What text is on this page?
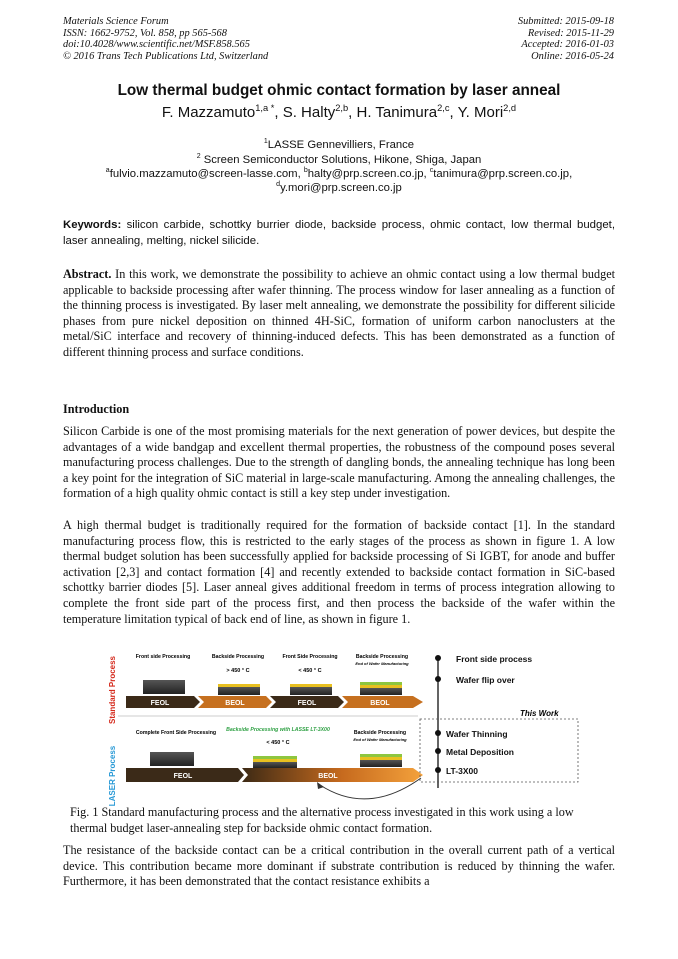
Materials Science Forum
ISSN: 1662-9752, Vol. 858, pp 565-568
doi:10.4028/www.scientific.net/MSF.858.565
© 2016 Trans Tech Publications Ltd, Switzerland
Submitted: 2015-09-18
Revised: 2015-11-29
Accepted: 2016-01-03
Online: 2016-05-24
Low thermal budget ohmic contact formation by laser anneal
F. Mazzamuto$^{1,a *}$, S. Halty$^{2,b}$, H. Tanimura$^{2,c}$, Y. Mori$^{2,d}$
$^1$LASSE Gennevilliers, France
$^2$ Screen Semiconductor Solutions, Hikone, Shiga, Japan
$^a$fulvio.mazzamuto@screen-lasse.com, $^b$halty@prp.screen.co.jp, $^c$tanimura@prp.screen.co.jp,
$^d$y.mori@prp.screen.co.jp
Keywords: silicon carbide, schottky burrier diode, backside process, ohmic contact, low thermal budget, laser annealing, melting, nickel silicide.

Abstract. In this work, we demonstrate the possibility to achieve an ohmic contact using a low thermal budget applicable to backside processing after wafer thinning. The process window for laser annealing as a function of the thinning process is investigated. By laser melt annealing, we demonstrate the possibility for different silicide phases from pure nickel deposition on thinned 4H-SiC, formation of uniform carbon nanoclusters at the metal/SiC interface and recovery of thinning-induced defects. This has been demonstrated as a function of different thinning process and surface conditions.

Introduction

Silicon Carbide is one of the most promising materials for the next generation of power devices, but despite the advantages of a wide bandgap and excellent thermal properties, the robustness of the compound poses several manufacturing process challenges. Due to the strength of dangling bonds, the annealing technique has long been a key point for the integration of SiC material in large-scale manufacturing. Among the annealing challenges, the formation of a high quality ohmic contact is still a key step under investigation.

A high thermal budget is traditionally required for the formation of backside contact [1]. In the standard manufacturing process flow, this is restricted to the early stages of the process as shown in figure 1. A low thermal budget solution has been successfully applied for backside processing of Si IGBT, for anode and buffer activation [2,3] and contact formation [4] and recently extended to backside contact formation in SiC-based schottky barrier diodes [5]. Laser anneal gives additional freedom in terms of process integration allowing to complete the front side part of the process first, and then process the backside of the wafer within the temperature limitation typical of back end of line, as shown in figure 1.

Standard Process
LASER Process
Front side Processing	Backside Processing
> 450 ° C
Front Side Processing
< 450 ° C
Backside Processing
End of Wafer Manufacturing
FEOL	BEOL	FEOL	BEOL
Complete Front Side Processing Backside Processing with LASSE LT-3X00
< 450 ° C
Backside Processing
End of Wafer Manufacturing
FEOL	BEOL
Front side process
Wafer flip over
Wafer Thinning
Metal Deposition
LT-3X00
This Work
Fig. 1 Standard manufacturing process and the alternative process investigated in this work using a low thermal budget laser-annealing step for backside ohmic contact formation.

The resistance of the backside contact can be a critical contribution in the overall current path of a vertical device. This contribution became more dominant if substrate contribution is reduced by thinning the wafer. Furthermore, it has been demonstrated that the contact resistance exhibits a
